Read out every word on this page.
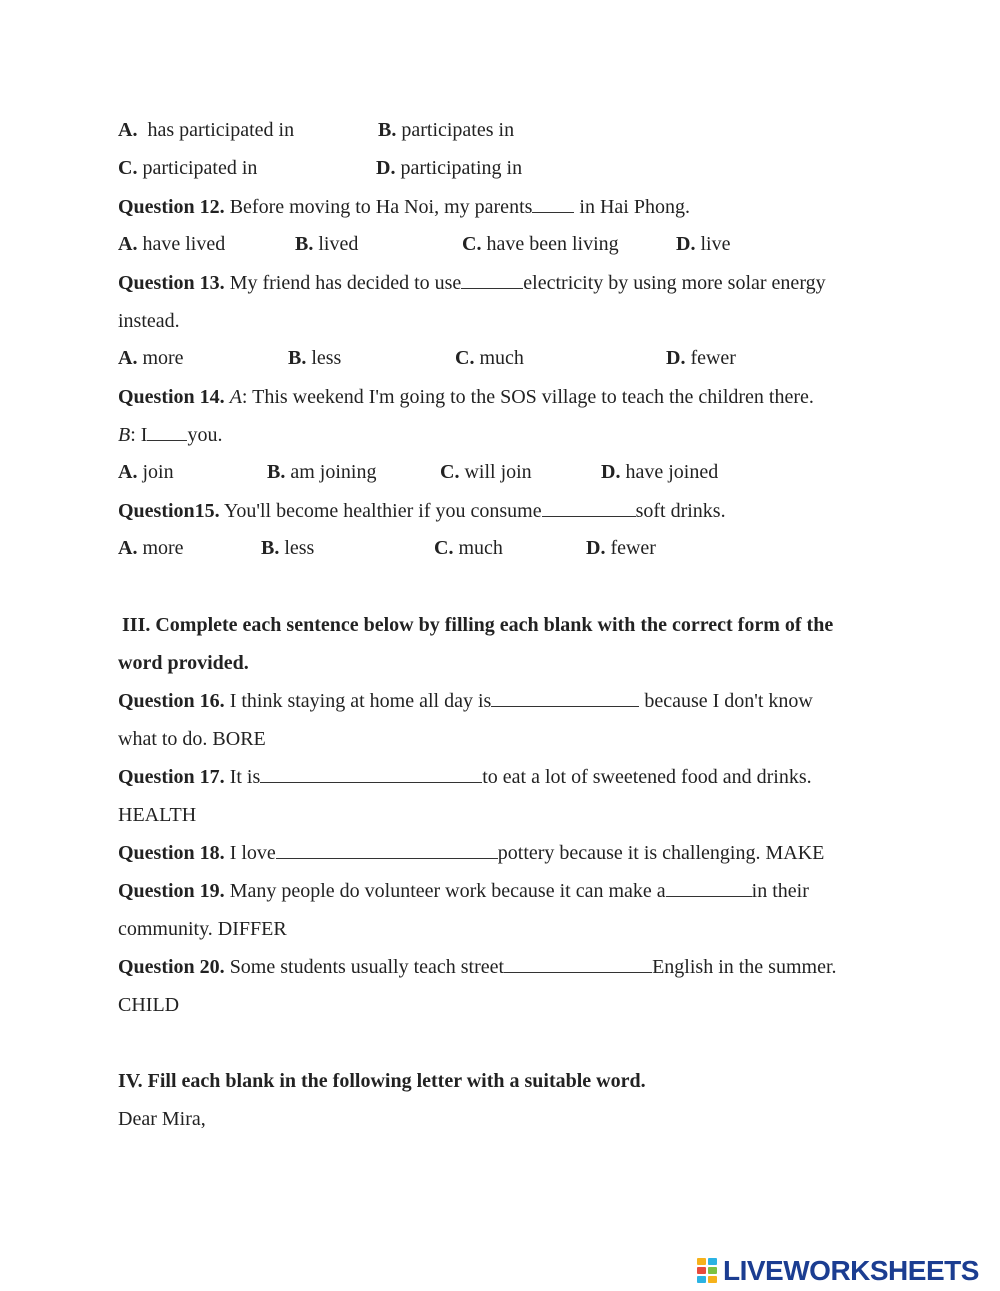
A. has participated in	B. participates in
C. participated in	D. participating in
Question 12. Before moving to Ha Noi, my parents in Hai Phong.
A. have lived	B. lived	C. have been living	D. live
Question 13. My friend has decided to use	electricity by using more solar energy
instead.
A. more	B. less	C. much	D. fewer
Question 14. A: This weekend I'm going to the SOS village to teach the children there.
B: I you.
A. join	B. am joining	C. will join	D. have joined
Question15. You'll become healthier if you consume	soft drinks.
A. more	B. less	C. much	D. fewer
III. Complete each sentence below by filling each blank with the correct form of the
word provided.
Question 16. I think staying at home all day is	because I don't know
what to do. BORE
Question 17. It is	to eat a lot of sweetened food and drinks.
HEALTH
Question 18. I love	pottery because it is challenging. MAKE
Question 19. Many people do volunteer work because it can make a	in their
community. DIFFER
Question 20. Some students usually teach street	English in the summer.
CHILD
IV. Fill each blank in the following letter with a suitable word.
Dear Mira,
LIVEWORKSHEETS
